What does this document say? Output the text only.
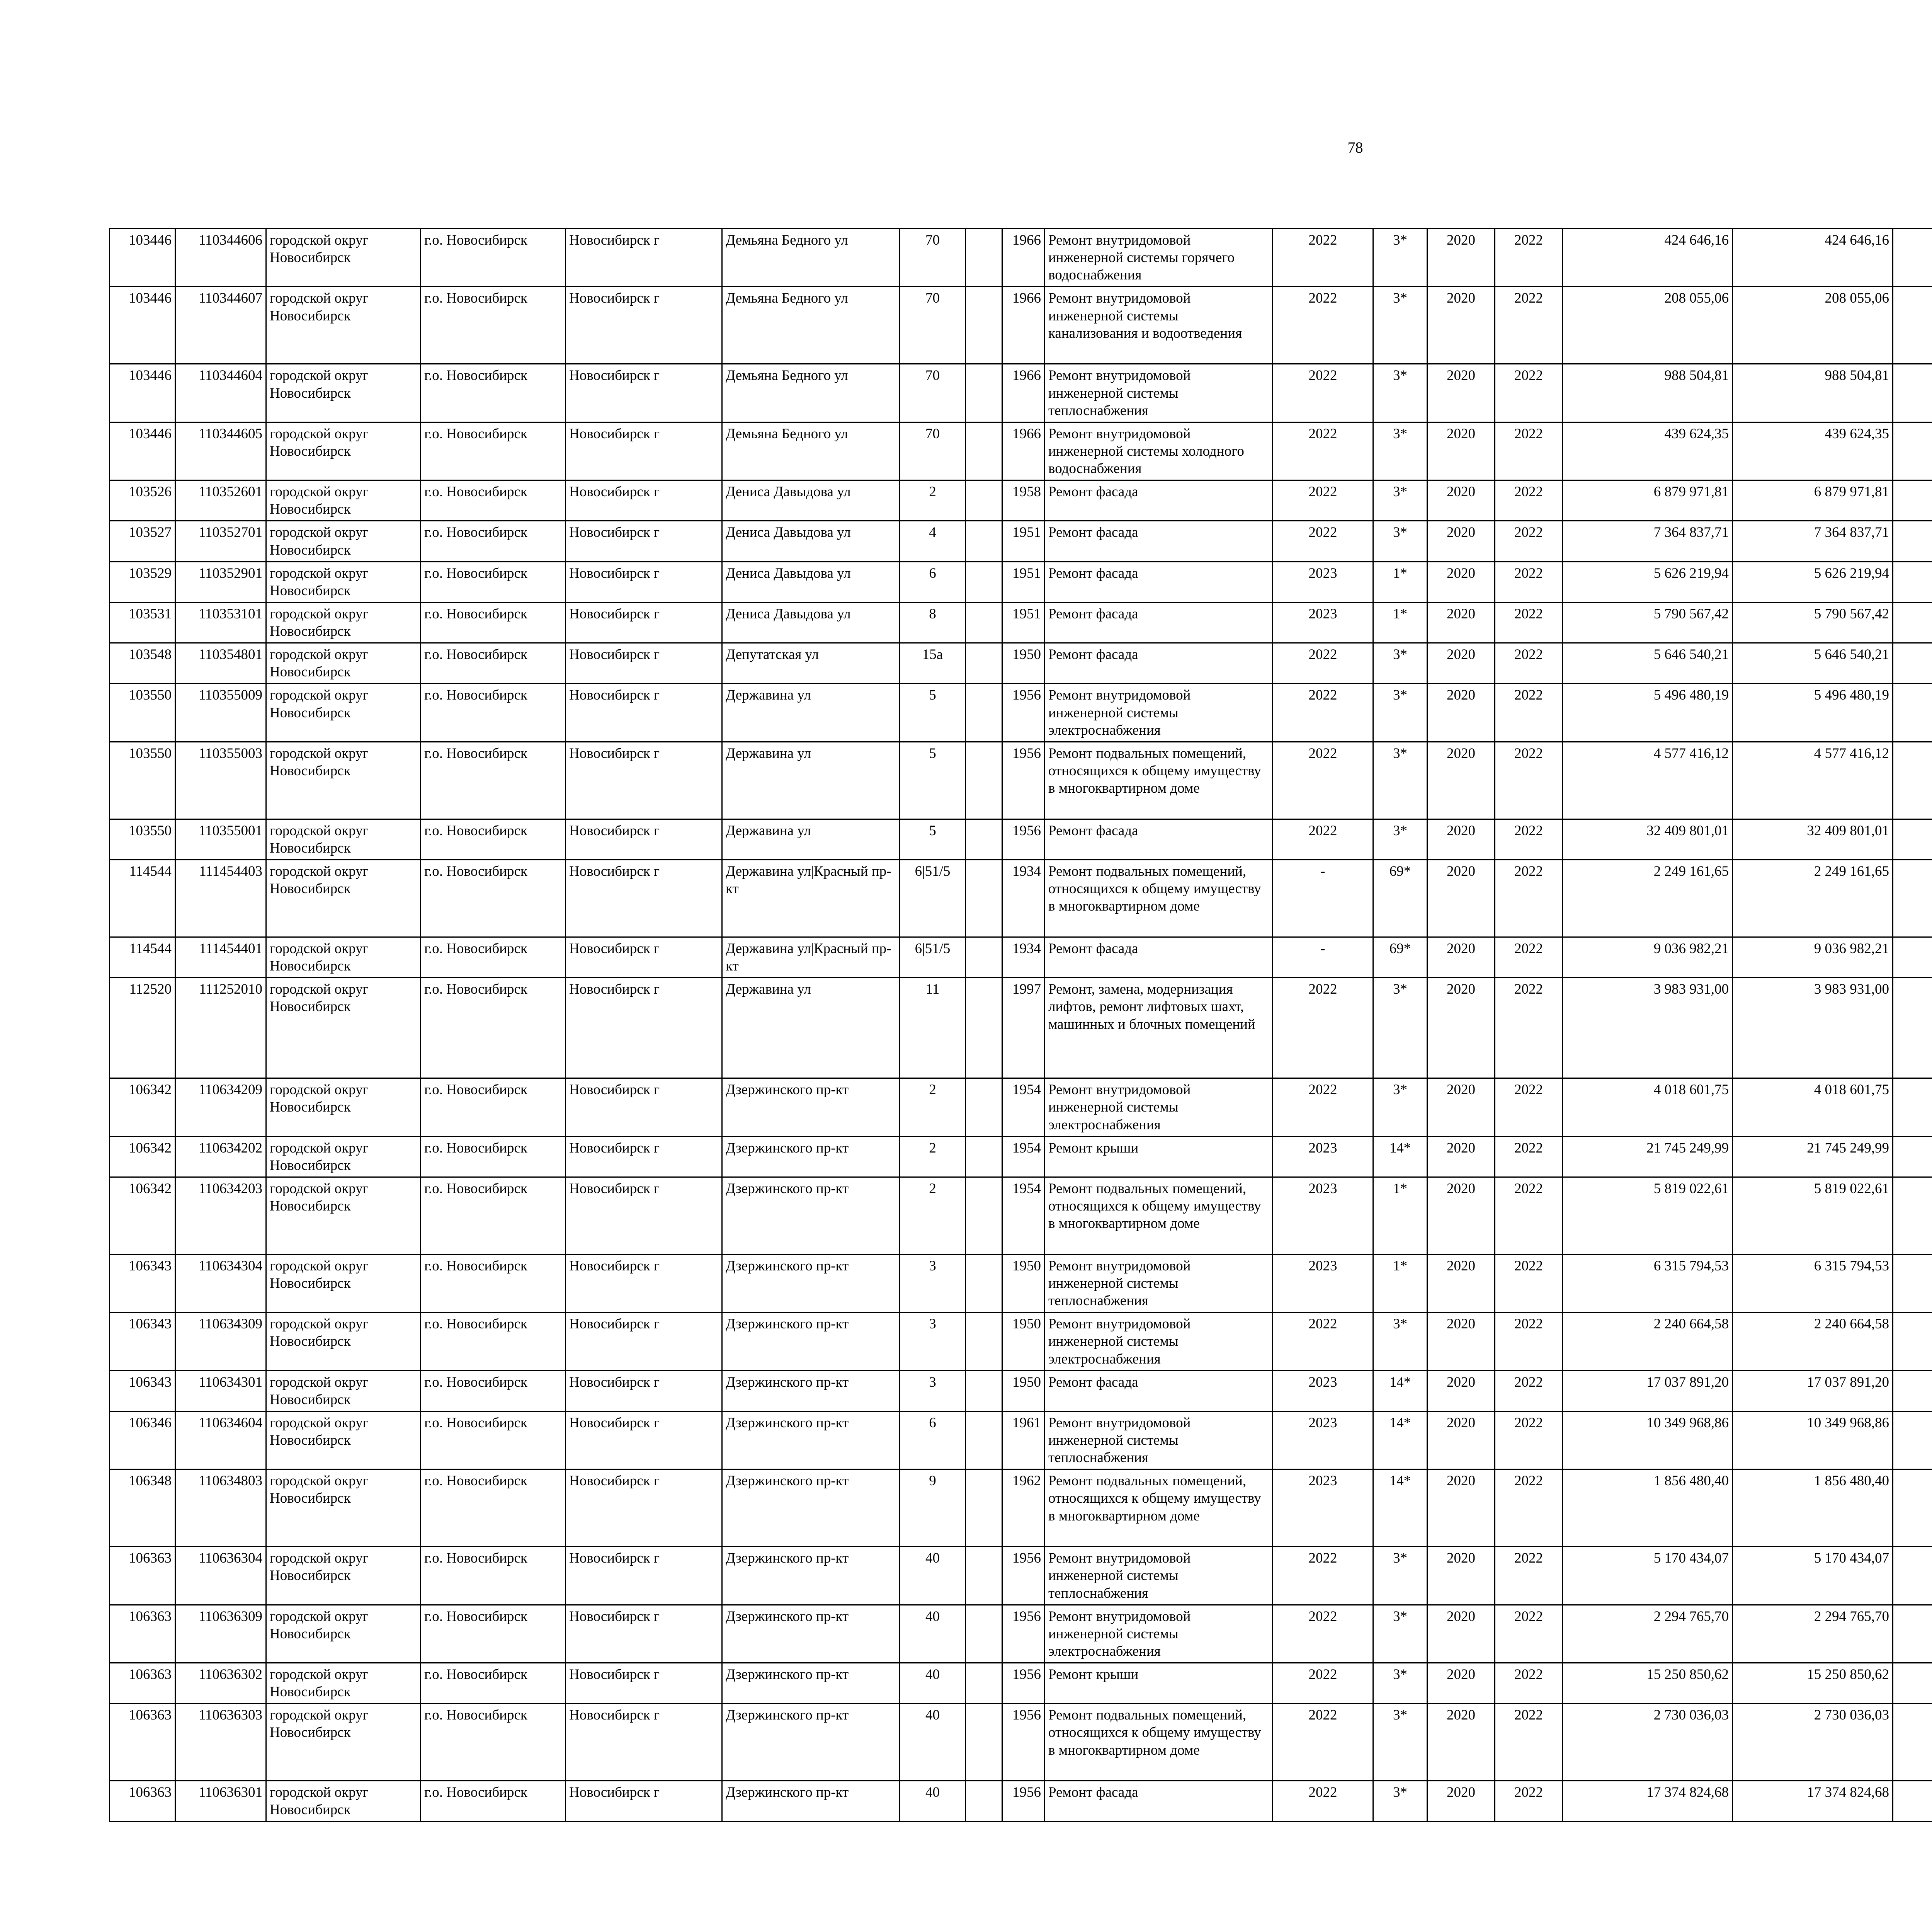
78
103446	110344606	городской округ Новосибирск	г.о. Новосибирск	Новосибирск г	Демьяна Бедного ул	70		1966	Ремонт внутридомовой инженерной системы горячего водоснабжения	2022	3*	2020	2022	424 646,16	424 646,16						
103446	110344607	городской округ Новосибирск	г.о. Новосибирск	Новосибирск г	Демьяна Бедного ул	70		1966	Ремонт внутридомовой инженерной системы канализования и водоотведения	2022	3*	2020	2022	208 055,06	208 055,06						
103446	110344604	городской округ Новосибирск	г.о. Новосибирск	Новосибирск г	Демьяна Бедного ул	70		1966	Ремонт внутридомовой инженерной системы теплоснабжения	2022	3*	2020	2022	988 504,81	988 504,81						
103446	110344605	городской округ Новосибирск	г.о. Новосибирск	Новосибирск г	Демьяна Бедного ул	70		1966	Ремонт внутридомовой инженерной системы холодного водоснабжения	2022	3*	2020	2022	439 624,35	439 624,35						
103526	110352601	городской округ Новосибирск	г.о. Новосибирск	Новосибирск г	Дениса Давыдова ул	2		1958	Ремонт фасада	2022	3*	2020	2022	6 879 971,81	6 879 971,81						
103527	110352701	городской округ Новосибирск	г.о. Новосибирск	Новосибирск г	Дениса Давыдова ул	4		1951	Ремонт фасада	2022	3*	2020	2022	7 364 837,71	7 364 837,71						
103529	110352901	городской округ Новосибирск	г.о. Новосибирск	Новосибирск г	Дениса Давыдова ул	6		1951	Ремонт фасада	2023	1*	2020	2022	5 626 219,94	5 626 219,94						
103531	110353101	городской округ Новосибирск	г.о. Новосибирск	Новосибирск г	Дениса Давыдова ул	8		1951	Ремонт фасада	2023	1*	2020	2022	5 790 567,42	5 790 567,42						
103548	110354801	городской округ Новосибирск	г.о. Новосибирск	Новосибирск г	Депутатская ул	15а		1950	Ремонт фасада	2022	3*	2020	2022	5 646 540,21	5 646 540,21						
103550	110355009	городской округ Новосибирск	г.о. Новосибирск	Новосибирск г	Державина ул	5		1956	Ремонт внутридомовой инженерной системы электроснабжения	2022	3*	2020	2022	5 496 480,19	5 496 480,19						
103550	110355003	городской округ Новосибирск	г.о. Новосибирск	Новосибирск г	Державина ул	5		1956	Ремонт подвальных помещений, относящихся к общему имуществу в многоквартирном доме	2022	3*	2020	2022	4 577 416,12	4 577 416,12						
103550	110355001	городской округ Новосибирск	г.о. Новосибирск	Новосибирск г	Державина ул	5		1956	Ремонт фасада	2022	3*	2020	2022	32 409 801,01	32 409 801,01						
114544	111454403	городской округ Новосибирск	г.о. Новосибирск	Новосибирск г	Державина ул|Красный пр-кт	6|51/5		1934	Ремонт подвальных помещений, относящихся к общему имуществу в многоквартирном доме	-	69*	2020	2022	2 249 161,65	2 249 161,65						
114544	111454401	городской округ Новосибирск	г.о. Новосибирск	Новосибирск г	Державина ул|Красный пр-кт	6|51/5		1934	Ремонт фасада	-	69*	2020	2022	9 036 982,21	9 036 982,21						
112520	111252010	городской округ Новосибирск	г.о. Новосибирск	Новосибирск г	Державина ул	11		1997	Ремонт, замена, модернизация лифтов, ремонт лифтовых шахт, машинных и блочных помещений	2022	3*	2020	2022	3 983 931,00	3 983 931,00						
106342	110634209	городской округ Новосибирск	г.о. Новосибирск	Новосибирск г	Дзержинского пр-кт	2		1954	Ремонт внутридомовой инженерной системы электроснабжения	2022	3*	2020	2022	4 018 601,75	4 018 601,75						
106342	110634202	городской округ Новосибирск	г.о. Новосибирск	Новосибирск г	Дзержинского пр-кт	2		1954	Ремонт крыши	2023	14*	2020	2022	21 745 249,99	21 745 249,99						
106342	110634203	городской округ Новосибирск	г.о. Новосибирск	Новосибирск г	Дзержинского пр-кт	2		1954	Ремонт подвальных помещений, относящихся к общему имуществу в многоквартирном доме	2023	1*	2020	2022	5 819 022,61	5 819 022,61						
106343	110634304	городской округ Новосибирск	г.о. Новосибирск	Новосибирск г	Дзержинского пр-кт	3		1950	Ремонт внутридомовой инженерной системы теплоснабжения	2023	1*	2020	2022	6 315 794,53	6 315 794,53						
106343	110634309	городской округ Новосибирск	г.о. Новосибирск	Новосибирск г	Дзержинского пр-кт	3		1950	Ремонт внутридомовой инженерной системы электроснабжения	2022	3*	2020	2022	2 240 664,58	2 240 664,58						
106343	110634301	городской округ Новосибирск	г.о. Новосибирск	Новосибирск г	Дзержинского пр-кт	3		1950	Ремонт фасада	2023	14*	2020	2022	17 037 891,20	17 037 891,20						
106346	110634604	городской округ Новосибирск	г.о. Новосибирск	Новосибирск г	Дзержинского пр-кт	6		1961	Ремонт внутридомовой инженерной системы теплоснабжения	2023	14*	2020	2022	10 349 968,86	10 349 968,86						
106348	110634803	городской округ Новосибирск	г.о. Новосибирск	Новосибирск г	Дзержинского пр-кт	9		1962	Ремонт подвальных помещений, относящихся к общему имуществу в многоквартирном доме	2023	14*	2020	2022	1 856 480,40	1 856 480,40						
106363	110636304	городской округ Новосибирск	г.о. Новосибирск	Новосибирск г	Дзержинского пр-кт	40		1956	Ремонт внутридомовой инженерной системы теплоснабжения	2022	3*	2020	2022	5 170 434,07	5 170 434,07						
106363	110636309	городской округ Новосибирск	г.о. Новосибирск	Новосибирск г	Дзержинского пр-кт	40		1956	Ремонт внутридомовой инженерной системы электроснабжения	2022	3*	2020	2022	2 294 765,70	2 294 765,70						
106363	110636302	городской округ Новосибирск	г.о. Новосибирск	Новосибирск г	Дзержинского пр-кт	40		1956	Ремонт крыши	2022	3*	2020	2022	15 250 850,62	15 250 850,62						
106363	110636303	городской округ Новосибирск	г.о. Новосибирск	Новосибирск г	Дзержинского пр-кт	40		1956	Ремонт подвальных помещений, относящихся к общему имуществу в многоквартирном доме	2022	3*	2020	2022	2 730 036,03	2 730 036,03						
106363	110636301	городской округ Новосибирск	г.о. Новосибирск	Новосибирск г	Дзержинского пр-кт	40		1956	Ремонт фасада	2022	3*	2020	2022	17 374 824,68	17 374 824,68						
